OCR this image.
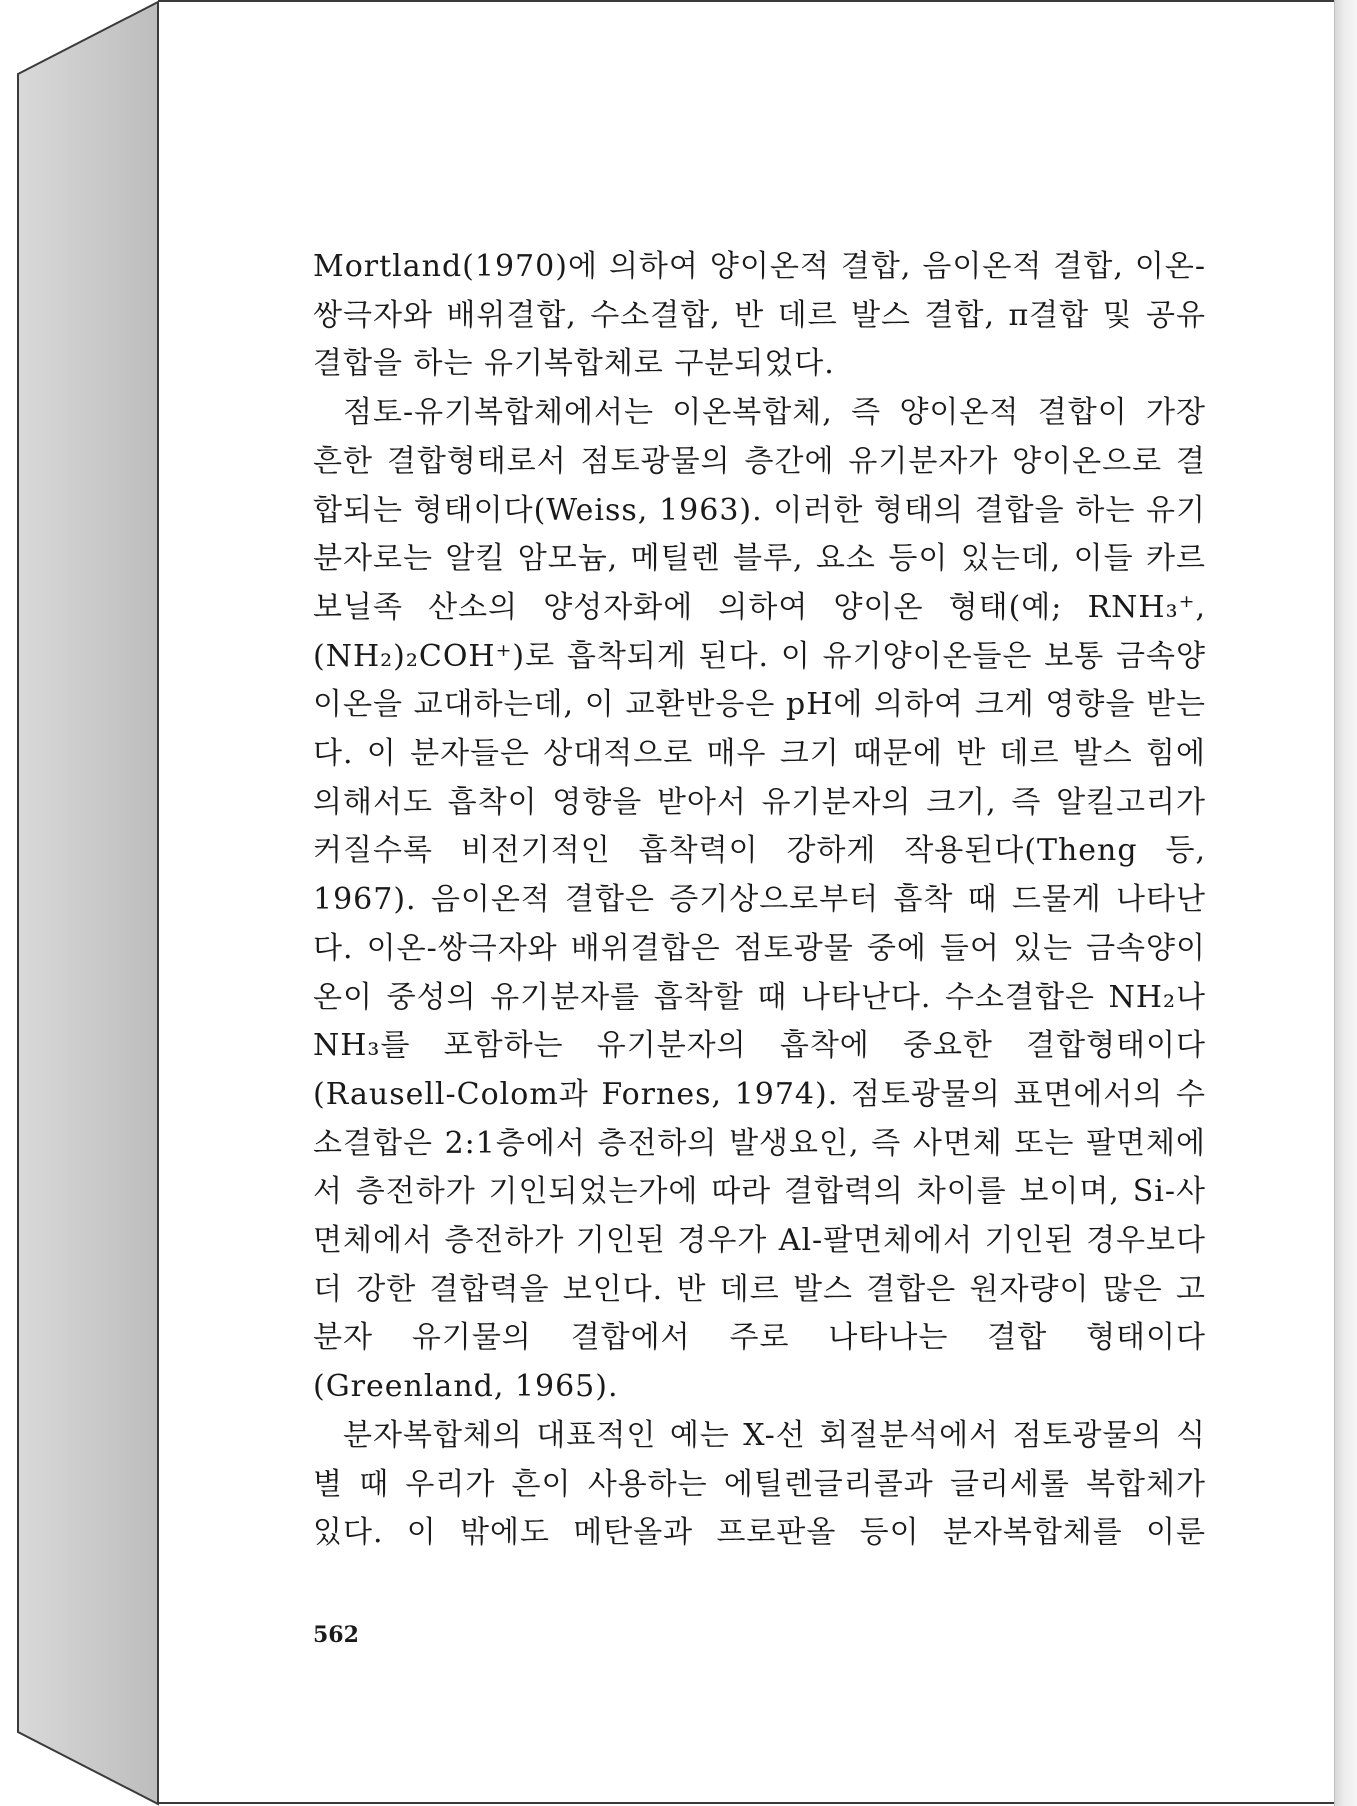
Mortland(1970)에 의하여 양이온적 결합, 음이온적 결합, 이온-쌍극자와 배위결합, 수소결합, 반 데르 발스 결합, π결합 및 공유결합을 하는 유기복합체로 구분되었다.

점토-유기복합체에서는 이온복합체, 즉 양이온적 결합이 가장 흔한 결합형태로서 점토광물의 층간에 유기분자가 양이온으로 결합되는 형태이다(Weiss, 1963). 이러한 형태의 결합을 하는 유기분자로는 알킬 암모늄, 메틸렌 블루, 요소 등이 있는데, 이들 카르보닐족 산소의 양성자화에 의하여 양이온 형태(예; RNH₃⁺, (NH₂)₂COH⁺)로 흡착되게 된다. 이 유기양이온들은 보통 금속양이온을 교대하는데, 이 교환반응은 pH에 의하여 크게 영향을 받는다. 이 분자들은 상대적으로 매우 크기 때문에 반 데르 발스 힘에 의해서도 흡착이 영향을 받아서 유기분자의 크기, 즉 알킬고리가 커질수록 비전기적인 흡착력이 강하게 작용된다(Theng 등, 1967). 음이온적 결합은 증기상으로부터 흡착 때 드물게 나타난다. 이온-쌍극자와 배위결합은 점토광물 중에 들어 있는 금속양이온이 중성의 유기분자를 흡착할 때 나타난다. 수소결합은 NH₂나 NH₃를 포함하는 유기분자의 흡착에 중요한 결합형태이다(Rausell-Colom과 Fornes, 1974). 점토광물의 표면에서의 수소결합은 2:1층에서 층전하의 발생요인, 즉 사면체 또는 팔면체에서 층전하가 기인되었는가에 따라 결합력의 차이를 보이며, Si-사면체에서 층전하가 기인된 경우가 Al-팔면체에서 기인된 경우보다 더 강한 결합력을 보인다. 반 데르 발스 결합은 원자량이 많은 고분자 유기물의 결합에서 주로 나타나는 결합 형태이다 (Greenland, 1965).

분자복합체의 대표적인 예는 X-선 회절분석에서 점토광물의 식별 때 우리가 흔이 사용하는 에틸렌글리콜과 글리세롤 복합체가 있다. 이 밖에도 메탄올과 프로판올 등이 분자복합체를 이룬

562
